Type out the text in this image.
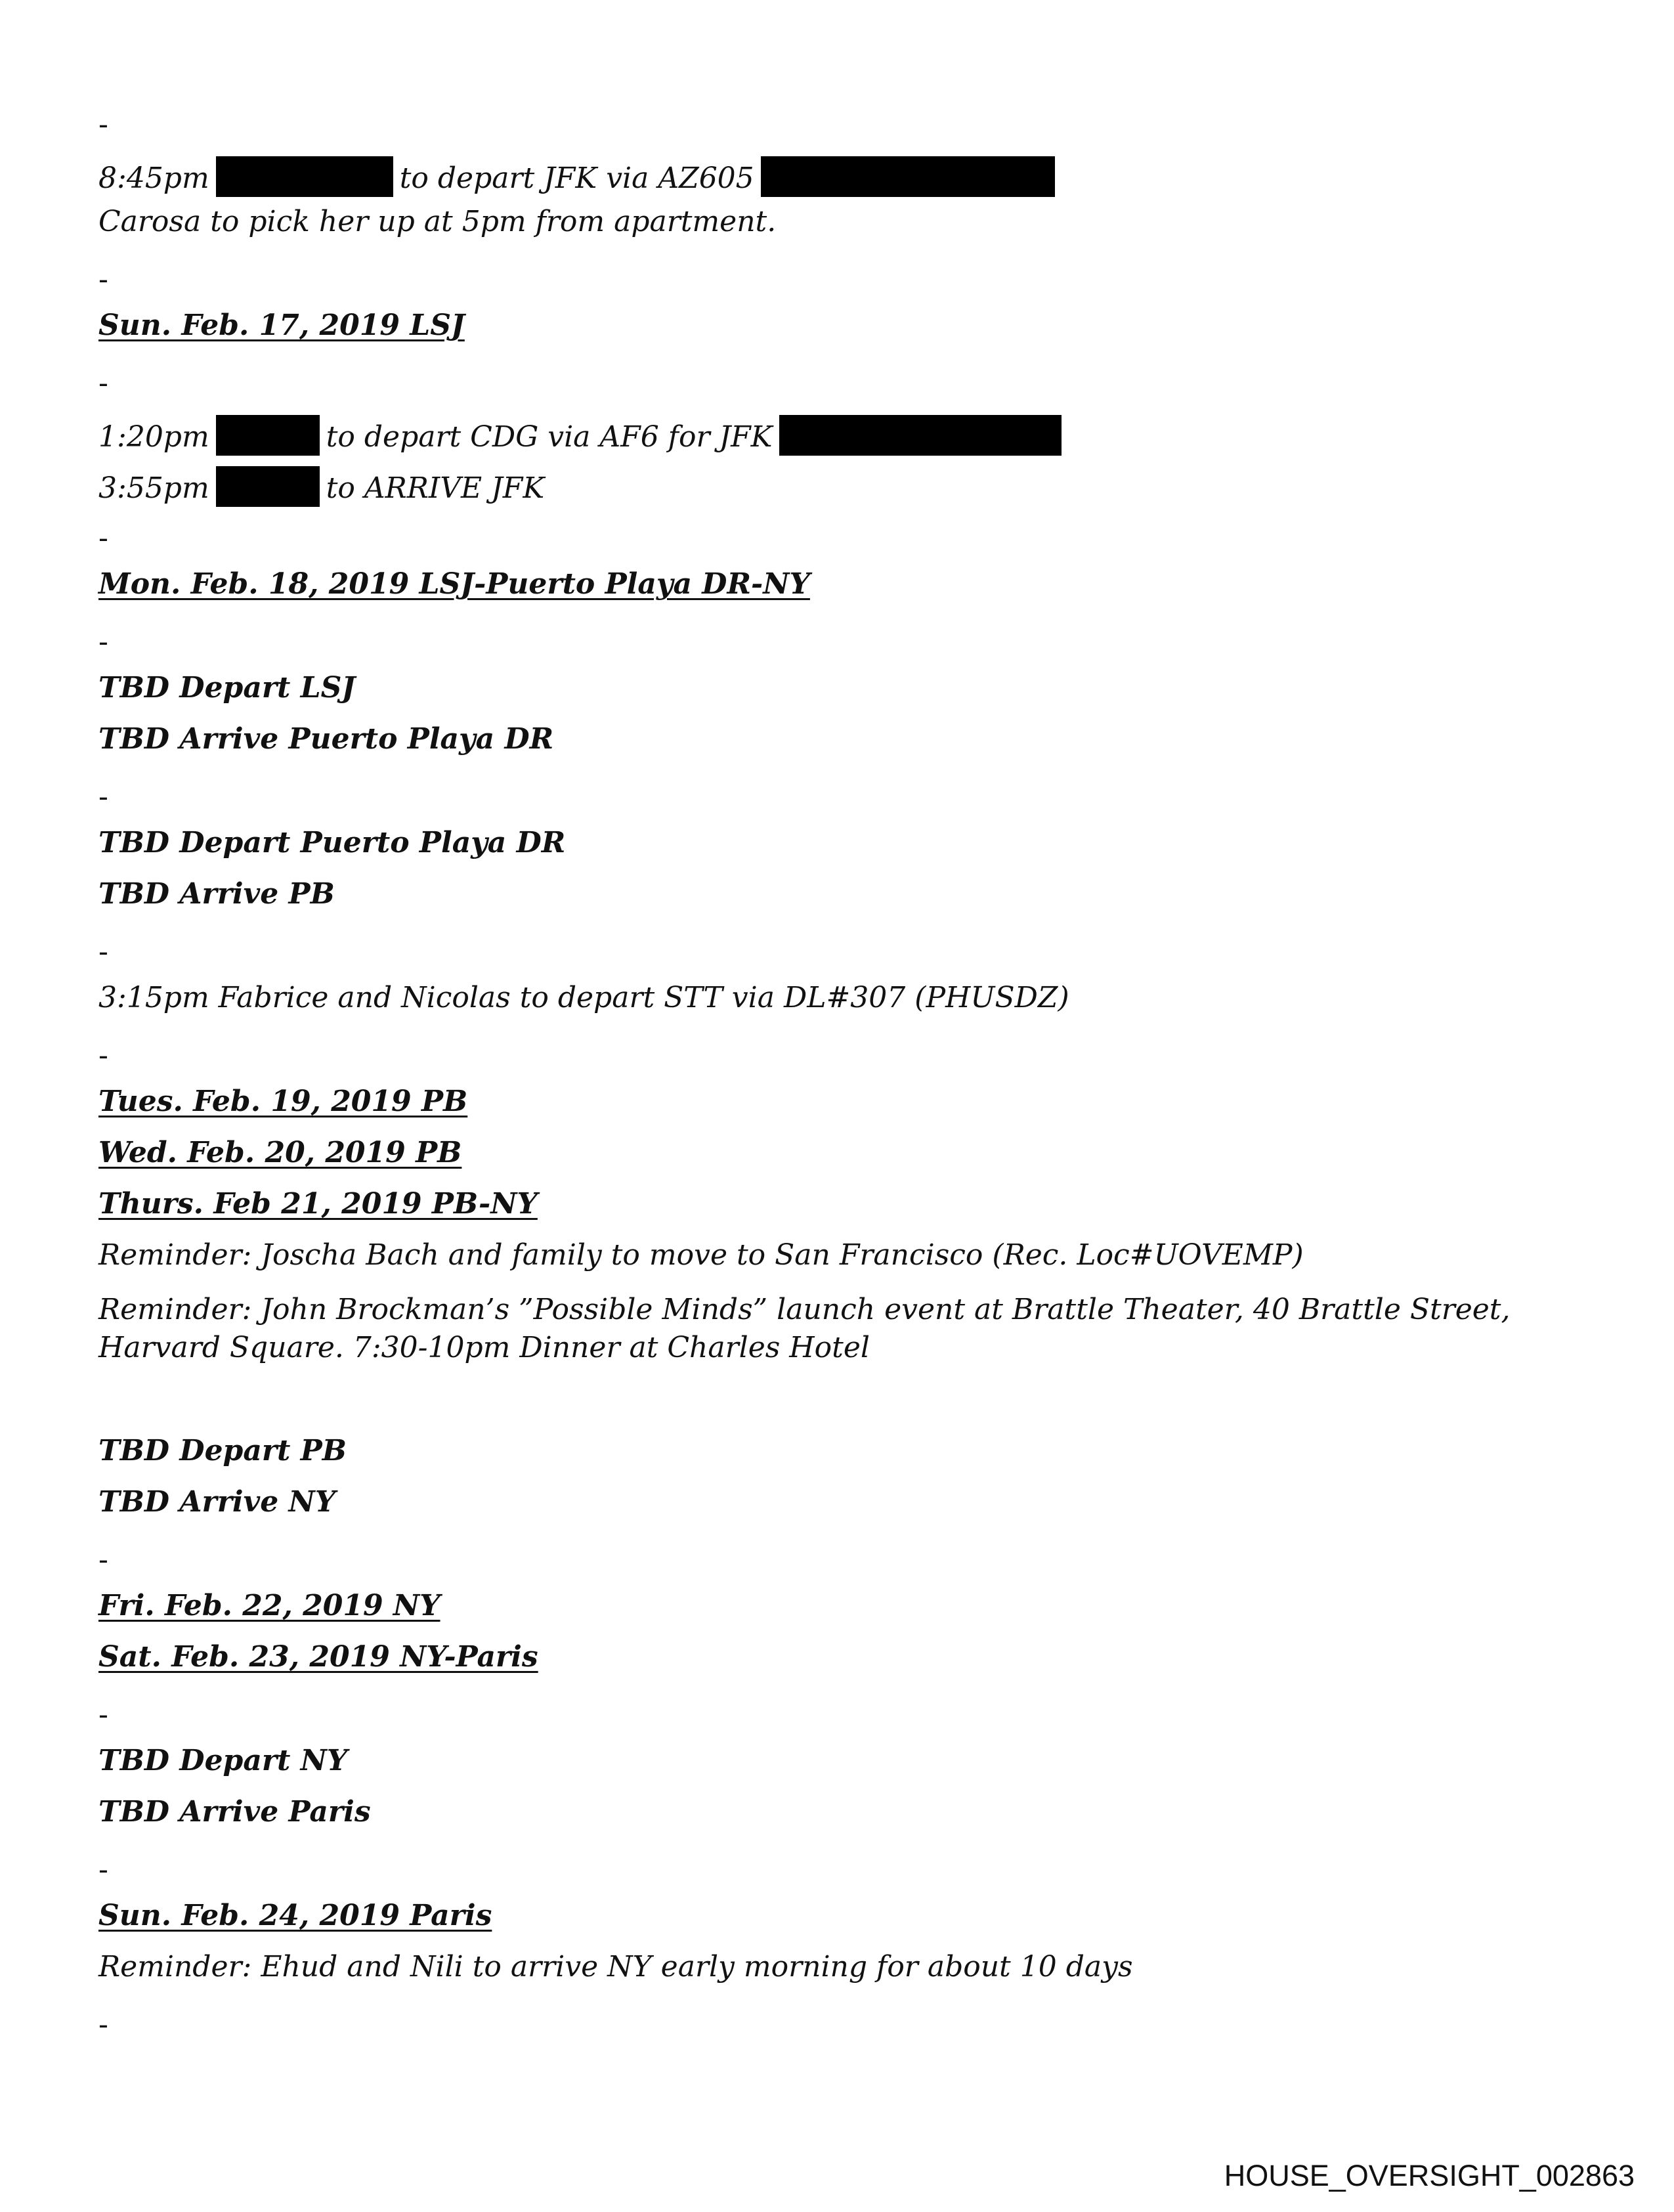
-
8:45pm	to depart JFK via AZ605
Carosa to pick her up at 5pm from apartment.
-
Sun. Feb. 17, 2019 LSJ
-
1:20pm	to depart CDG via AF6 for JFK
3:55pm	to ARRIVE JFK
-
Mon. Feb. 18, 2019 LSJ-Puerto Playa DR-NY
-
TBD Depart LSJ
TBD Arrive Puerto Playa DR
-
TBD Depart Puerto Playa DR
TBD Arrive PB
-
3:15pm Fabrice and Nicolas to depart STT via DL#307 (PHUSDZ)
-
Tues. Feb. 19, 2019 PB
Wed. Feb. 20, 2019 PB
Thurs. Feb 21, 2019 PB-NY
Reminder: Joscha Bach and family to move to San Francisco (Rec. Loc#UOVEMP)
Reminder: John Brockman’s ”Possible Minds” launch event at Brattle Theater, 40 Brattle Street, Harvard Square. 7:30-10pm Dinner at Charles Hotel
TBD Depart PB
TBD Arrive NY
-
Fri. Feb. 22, 2019 NY
Sat. Feb. 23, 2019 NY-Paris
-
TBD Depart NY
TBD Arrive Paris
-
Sun. Feb. 24, 2019 Paris
Reminder: Ehud and Nili to arrive NY early morning for about 10 days
-
HOUSE_OVERSIGHT_002863
